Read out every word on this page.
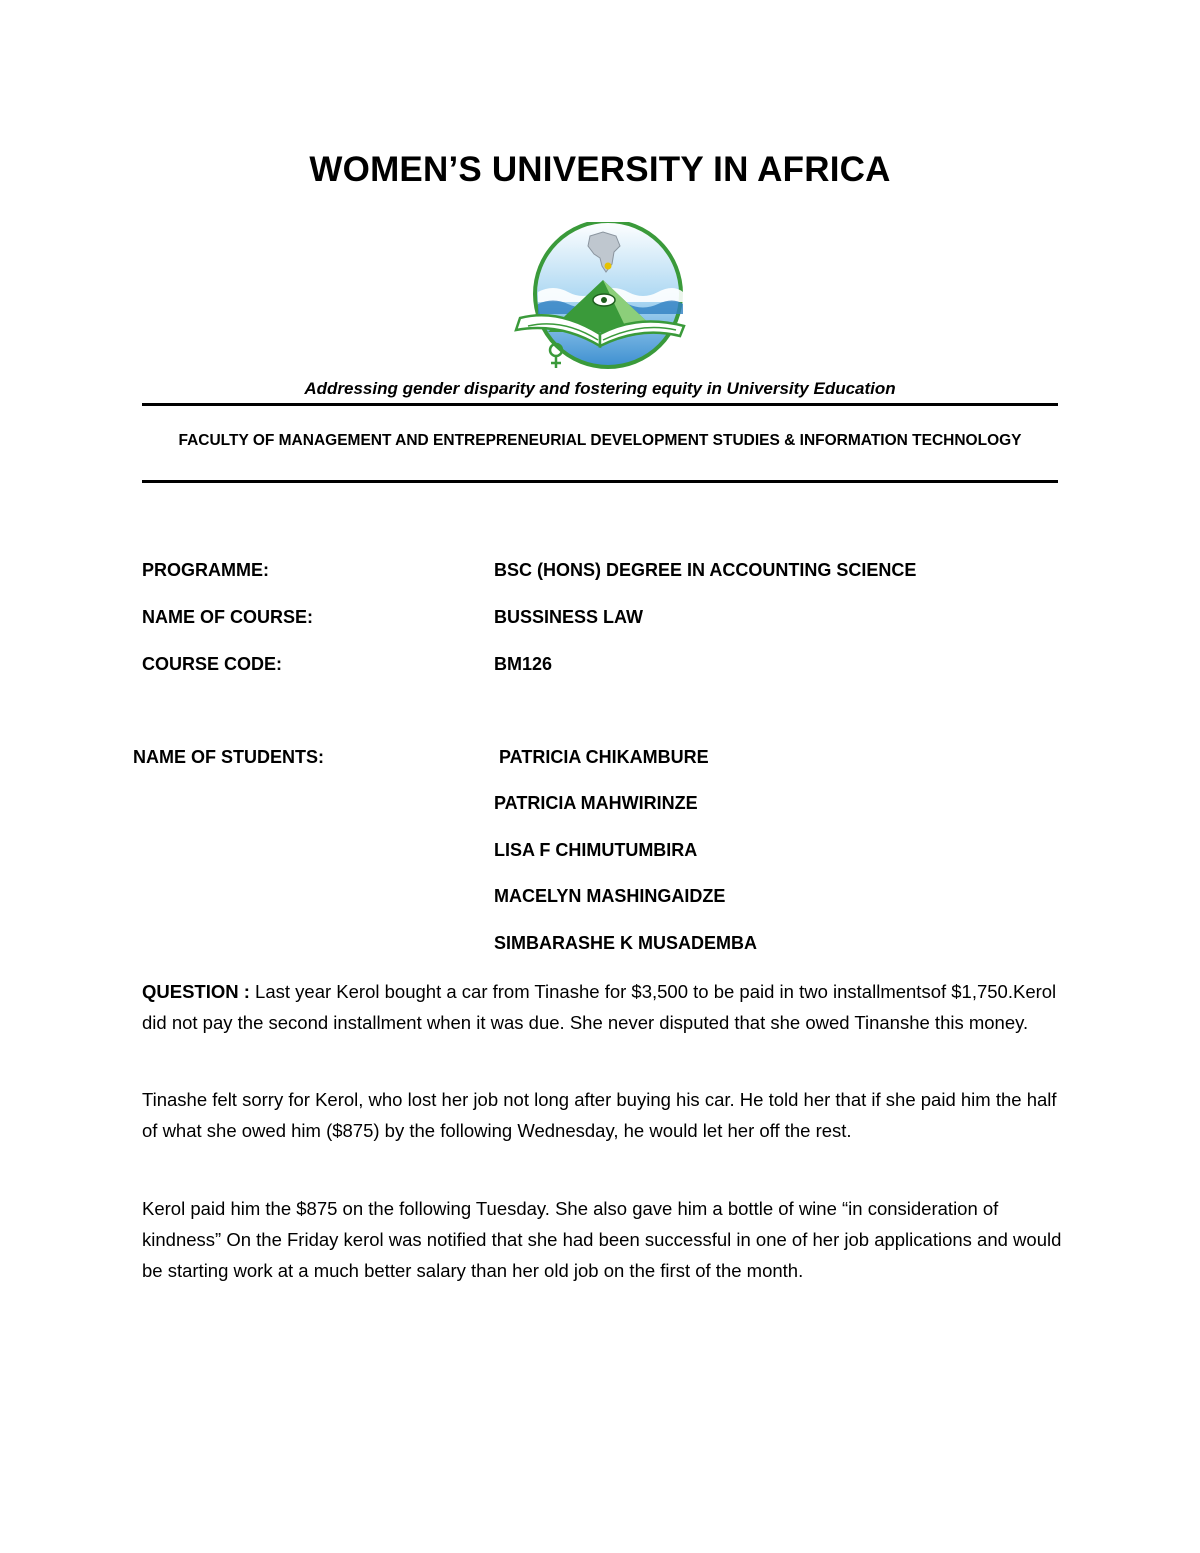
WOMEN’S UNIVERSITY IN AFRICA
Addressing gender disparity and fostering equity in University Education
FACULTY OF MANAGEMENT AND ENTREPRENEURIAL DEVELOPMENT STUDIES & INFORMATION TECHNOLOGY
PROGRAMME:	BSC (HONS) DEGREE IN ACCOUNTING SCIENCE
NAME OF COURSE:	BUSSINESS LAW
COURSE CODE:	BM126
NAME OF STUDENTS:	PATRICIA CHIKAMBURE
PATRICIA MAHWIRINZE
LISA F CHIMUTUMBIRA
MACELYN MASHINGAIDZE
SIMBARASHE K MUSADEMBA

QUESTION : Last year Kerol bought a car from Tinashe for $3,500 to be paid in two installmentsof $1,750.Kerol did not pay the second installment when it was due. She never disputed that she owed Tinanshe this money.

Tinashe felt sorry for Kerol, who lost her job not long after buying his car. He told her that if she paid him the half of what she owed him ($875) by the following Wednesday, he would let her off the rest.

Kerol paid him the $875 on the following Tuesday. She also gave him a bottle of wine “in consideration of kindness” On the Friday kerol was notified that she had been successful in one of her job applications and would be starting work at a much better salary than her old job on the first of the month.
